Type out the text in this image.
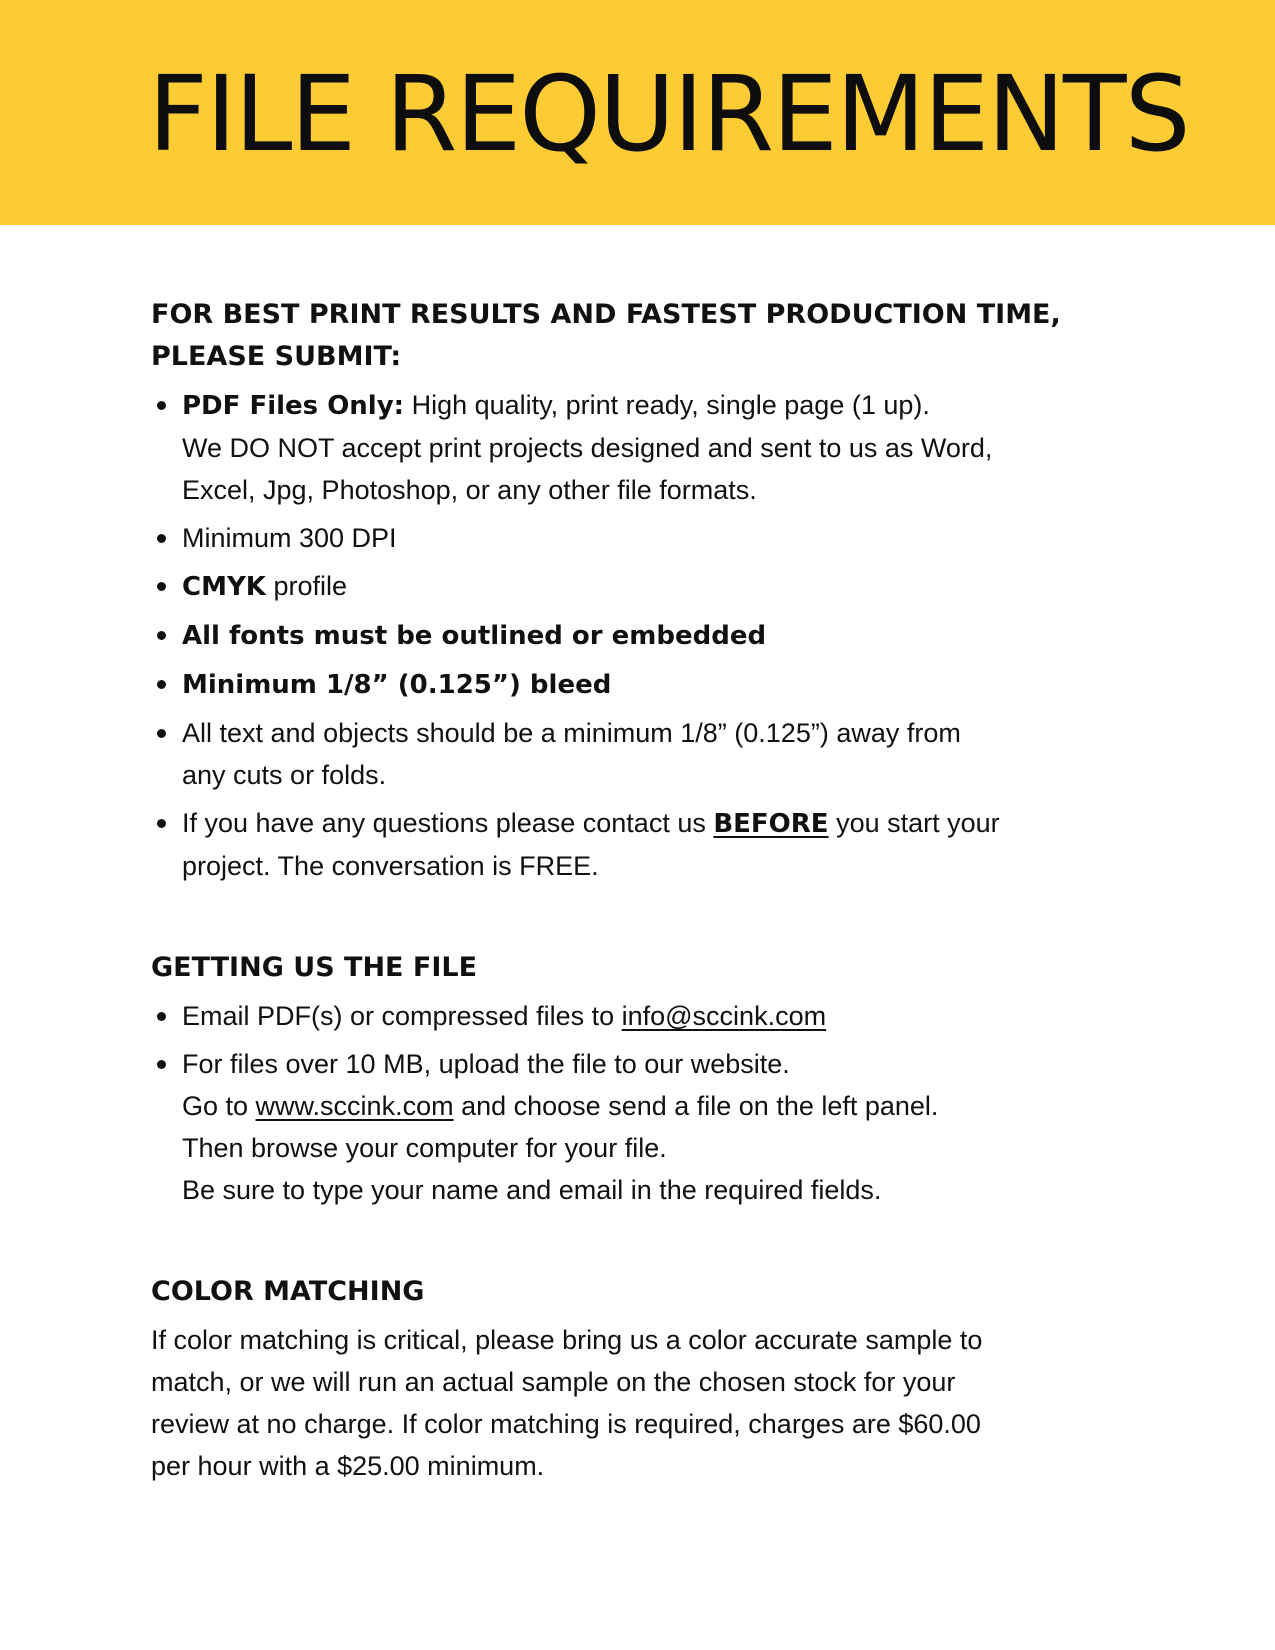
FILE REQUIREMENTS
FOR BEST PRINT RESULTS AND FASTEST PRODUCTION TIME,
PLEASE SUBMIT:
PDF Files Only: High quality, print ready, single page (1 up).
We DO NOT accept print projects designed and sent to us as Word,
Excel, Jpg, Photoshop, or any other file formats.
Minimum 300 DPI
CMYK profile
All fonts must be outlined or embedded
Minimum 1/8” (0.125”) bleed
All text and objects should be a minimum 1/8” (0.125”) away from
any cuts or folds.
If you have any questions please contact us BEFORE you start your
project. The conversation is FREE.
GETTING US THE FILE
Email PDF(s) or compressed files to info@sccink.com
For files over 10 MB, upload the file to our website.
Go to www.sccink.com and choose send a file on the left panel.
Then browse your computer for your file.
Be sure to type your name and email in the required fields.
COLOR MATCHING

If color matching is critical, please bring us a color accurate sample to
match, or we will run an actual sample on the chosen stock for your
review at no charge. If color matching is required, charges are $60.00
per hour with a $25.00 minimum.
